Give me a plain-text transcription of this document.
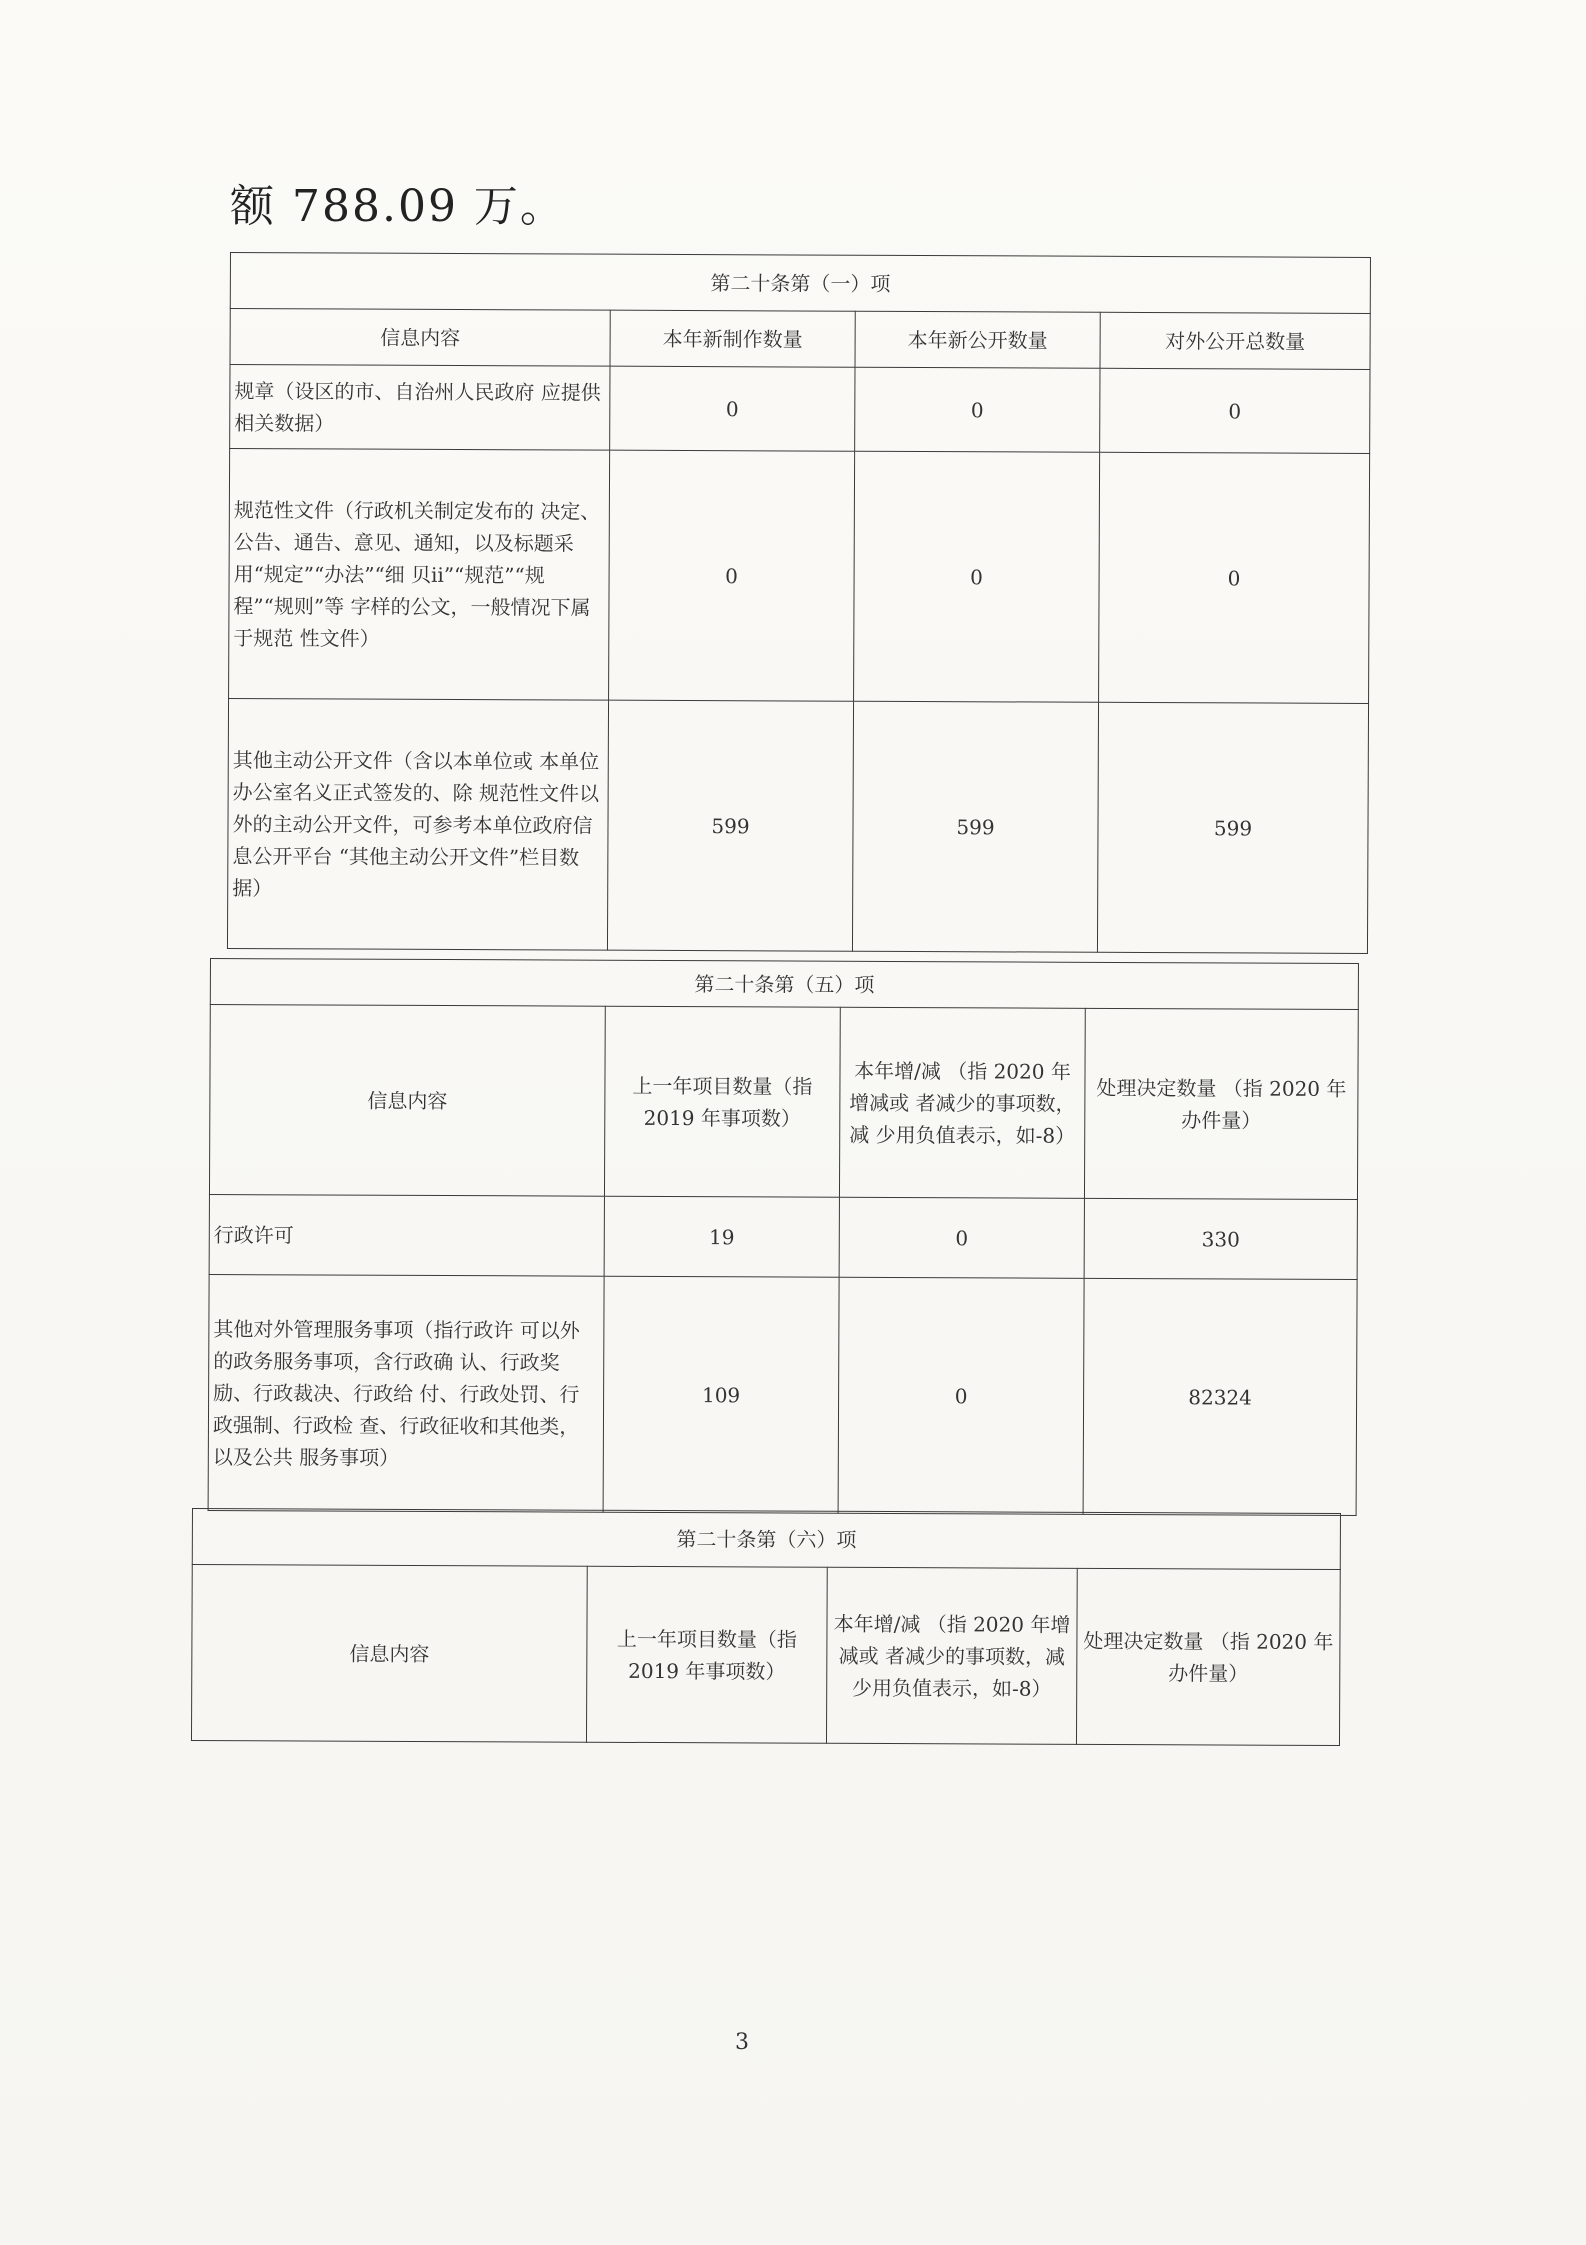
额 788.09 万。
第二十条第（一）项			
信息内容	本年新制作数量	本年新公开数量	对外公开总数量
规章（设区的市、自治州人民政府 应提供相关数据）	0	0	0
规范性文件（行政机关制定发布的 决定、公告、通告、意见、通知，以及标题采用“规定”“办法”“细 贝ⅱ”“规范”“规程”“规则”等 字样的公文，一般情况下属于规范 性文件）	0	0	0
其他主动公开文件（含以本单位或 本单位办公室名义正式签发的、除 规范性文件以外的主动公开文件，可参考本单位政府信息公开平台 “其他主动公开文件”栏目数据）	599	599	599
第二十条第（五）项			
信息内容	上一年项目数量（指 2019 年事项数）	本年增/减 （指 2020 年增减或 者减少的事项数，减 少用负值表示，如-8）	处理决定数量 （指 2020 年办件量）
行政许可	19	0	330
其他对外管理服务事项（指行政许 可以外的政务服务事项，含行政确 认、行政奖励、行政裁决、行政给 付、行政处罚、行政强制、行政检 查、行政征收和其他类，以及公共 服务事项）	109	0	82324
第二十条第（六）项
信息内容	上一年项目数量（指 2019 年事项数）	本年增/减 （指 2020 年增减或 者减少的事项数，减 少用负值表示，如-8）	处理决定数量 （指 2020 年办件量）
3
